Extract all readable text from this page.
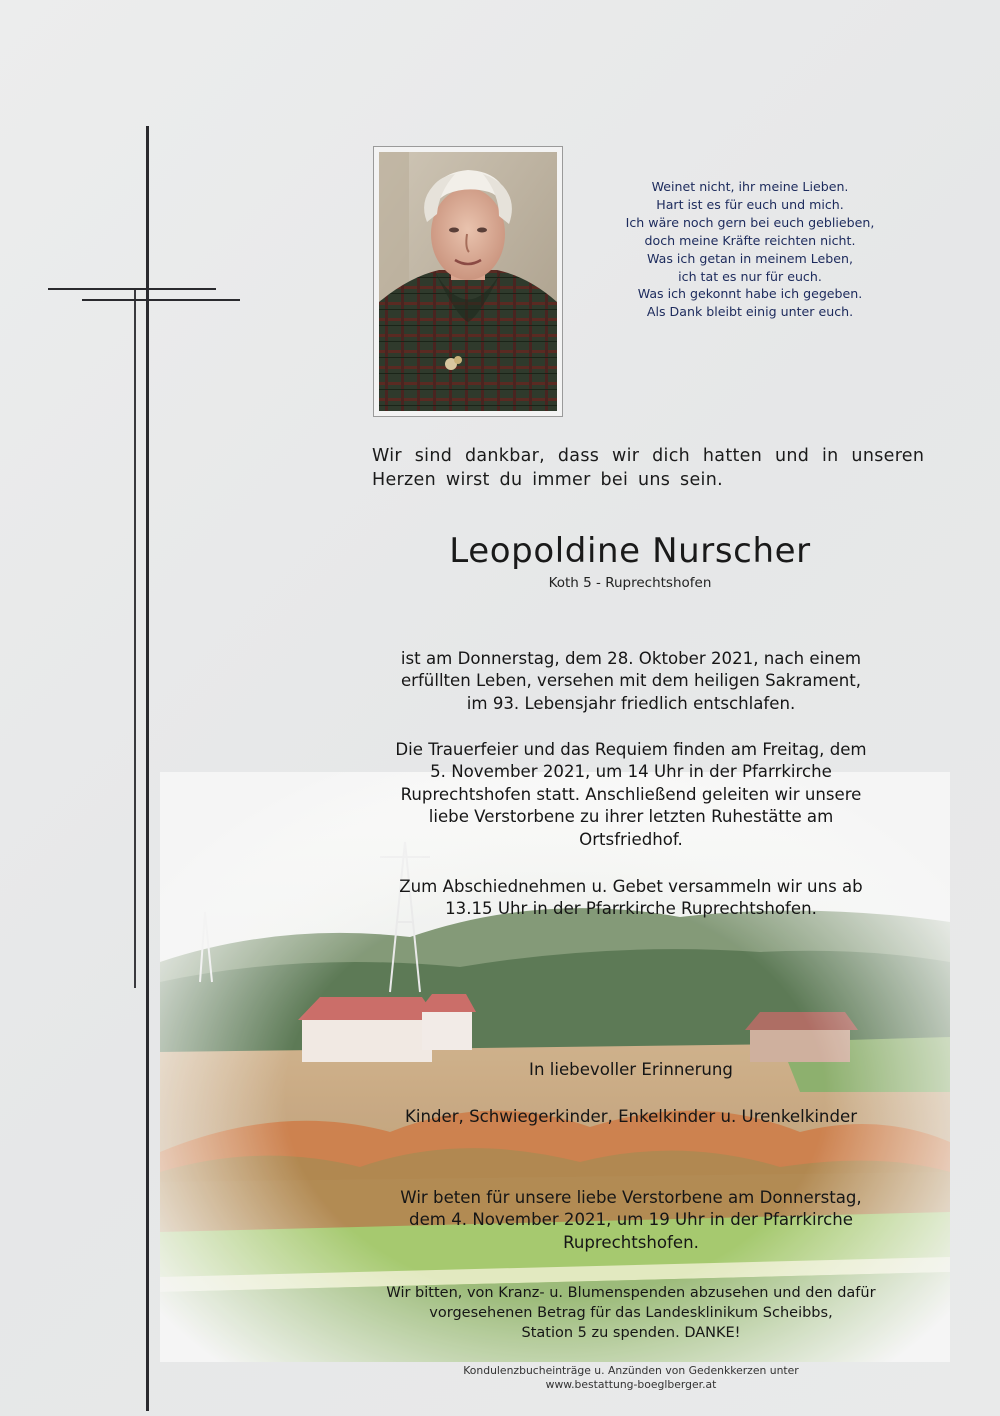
Weinet nicht, ihr meine Lieben.
Hart ist es für euch und mich.
Ich wäre noch gern bei euch geblieben,
doch meine Kräfte reichten nicht.
Was ich getan in meinem Leben,
ich tat es nur für euch.
Was ich gekonnt habe ich gegeben.
Als Dank bleibt einig unter euch.
Wir sind dankbar, dass wir dich hatten und in unseren
Herzen wirst du immer bei uns sein.
Leopoldine Nurscher
Koth 5 - Ruprechtshofen
ist am Donnerstag, dem 28. Oktober 2021, nach einem
erfüllten Leben, versehen mit dem heiligen Sakrament,
im 93. Lebensjahr friedlich entschlafen.
Die Trauerfeier und das Requiem finden am Freitag, dem
5. November 2021, um 14 Uhr in der Pfarrkirche
Ruprechtshofen statt. Anschließend geleiten wir unsere
liebe Verstorbene zu ihrer letzten Ruhestätte am
Ortsfriedhof.
Zum Abschiednehmen u. Gebet versammeln wir uns ab
13.15 Uhr in der Pfarrkirche Ruprechtshofen.
In liebevoller Erinnerung
Kinder, Schwiegerkinder, Enkelkinder u. Urenkelkinder
Wir beten für unsere liebe Verstorbene am Donnerstag,
dem 4. November 2021, um 19 Uhr in der Pfarrkirche
Ruprechtshofen.
Wir bitten, von Kranz- u. Blumenspenden abzusehen und den dafür
vorgesehenen Betrag für das Landesklinikum Scheibbs,
Station 5 zu spenden. DANKE!
Kondulenzbucheinträge u. Anzünden von Gedenkkerzen unter
www.bestattung-boeglberger.at
